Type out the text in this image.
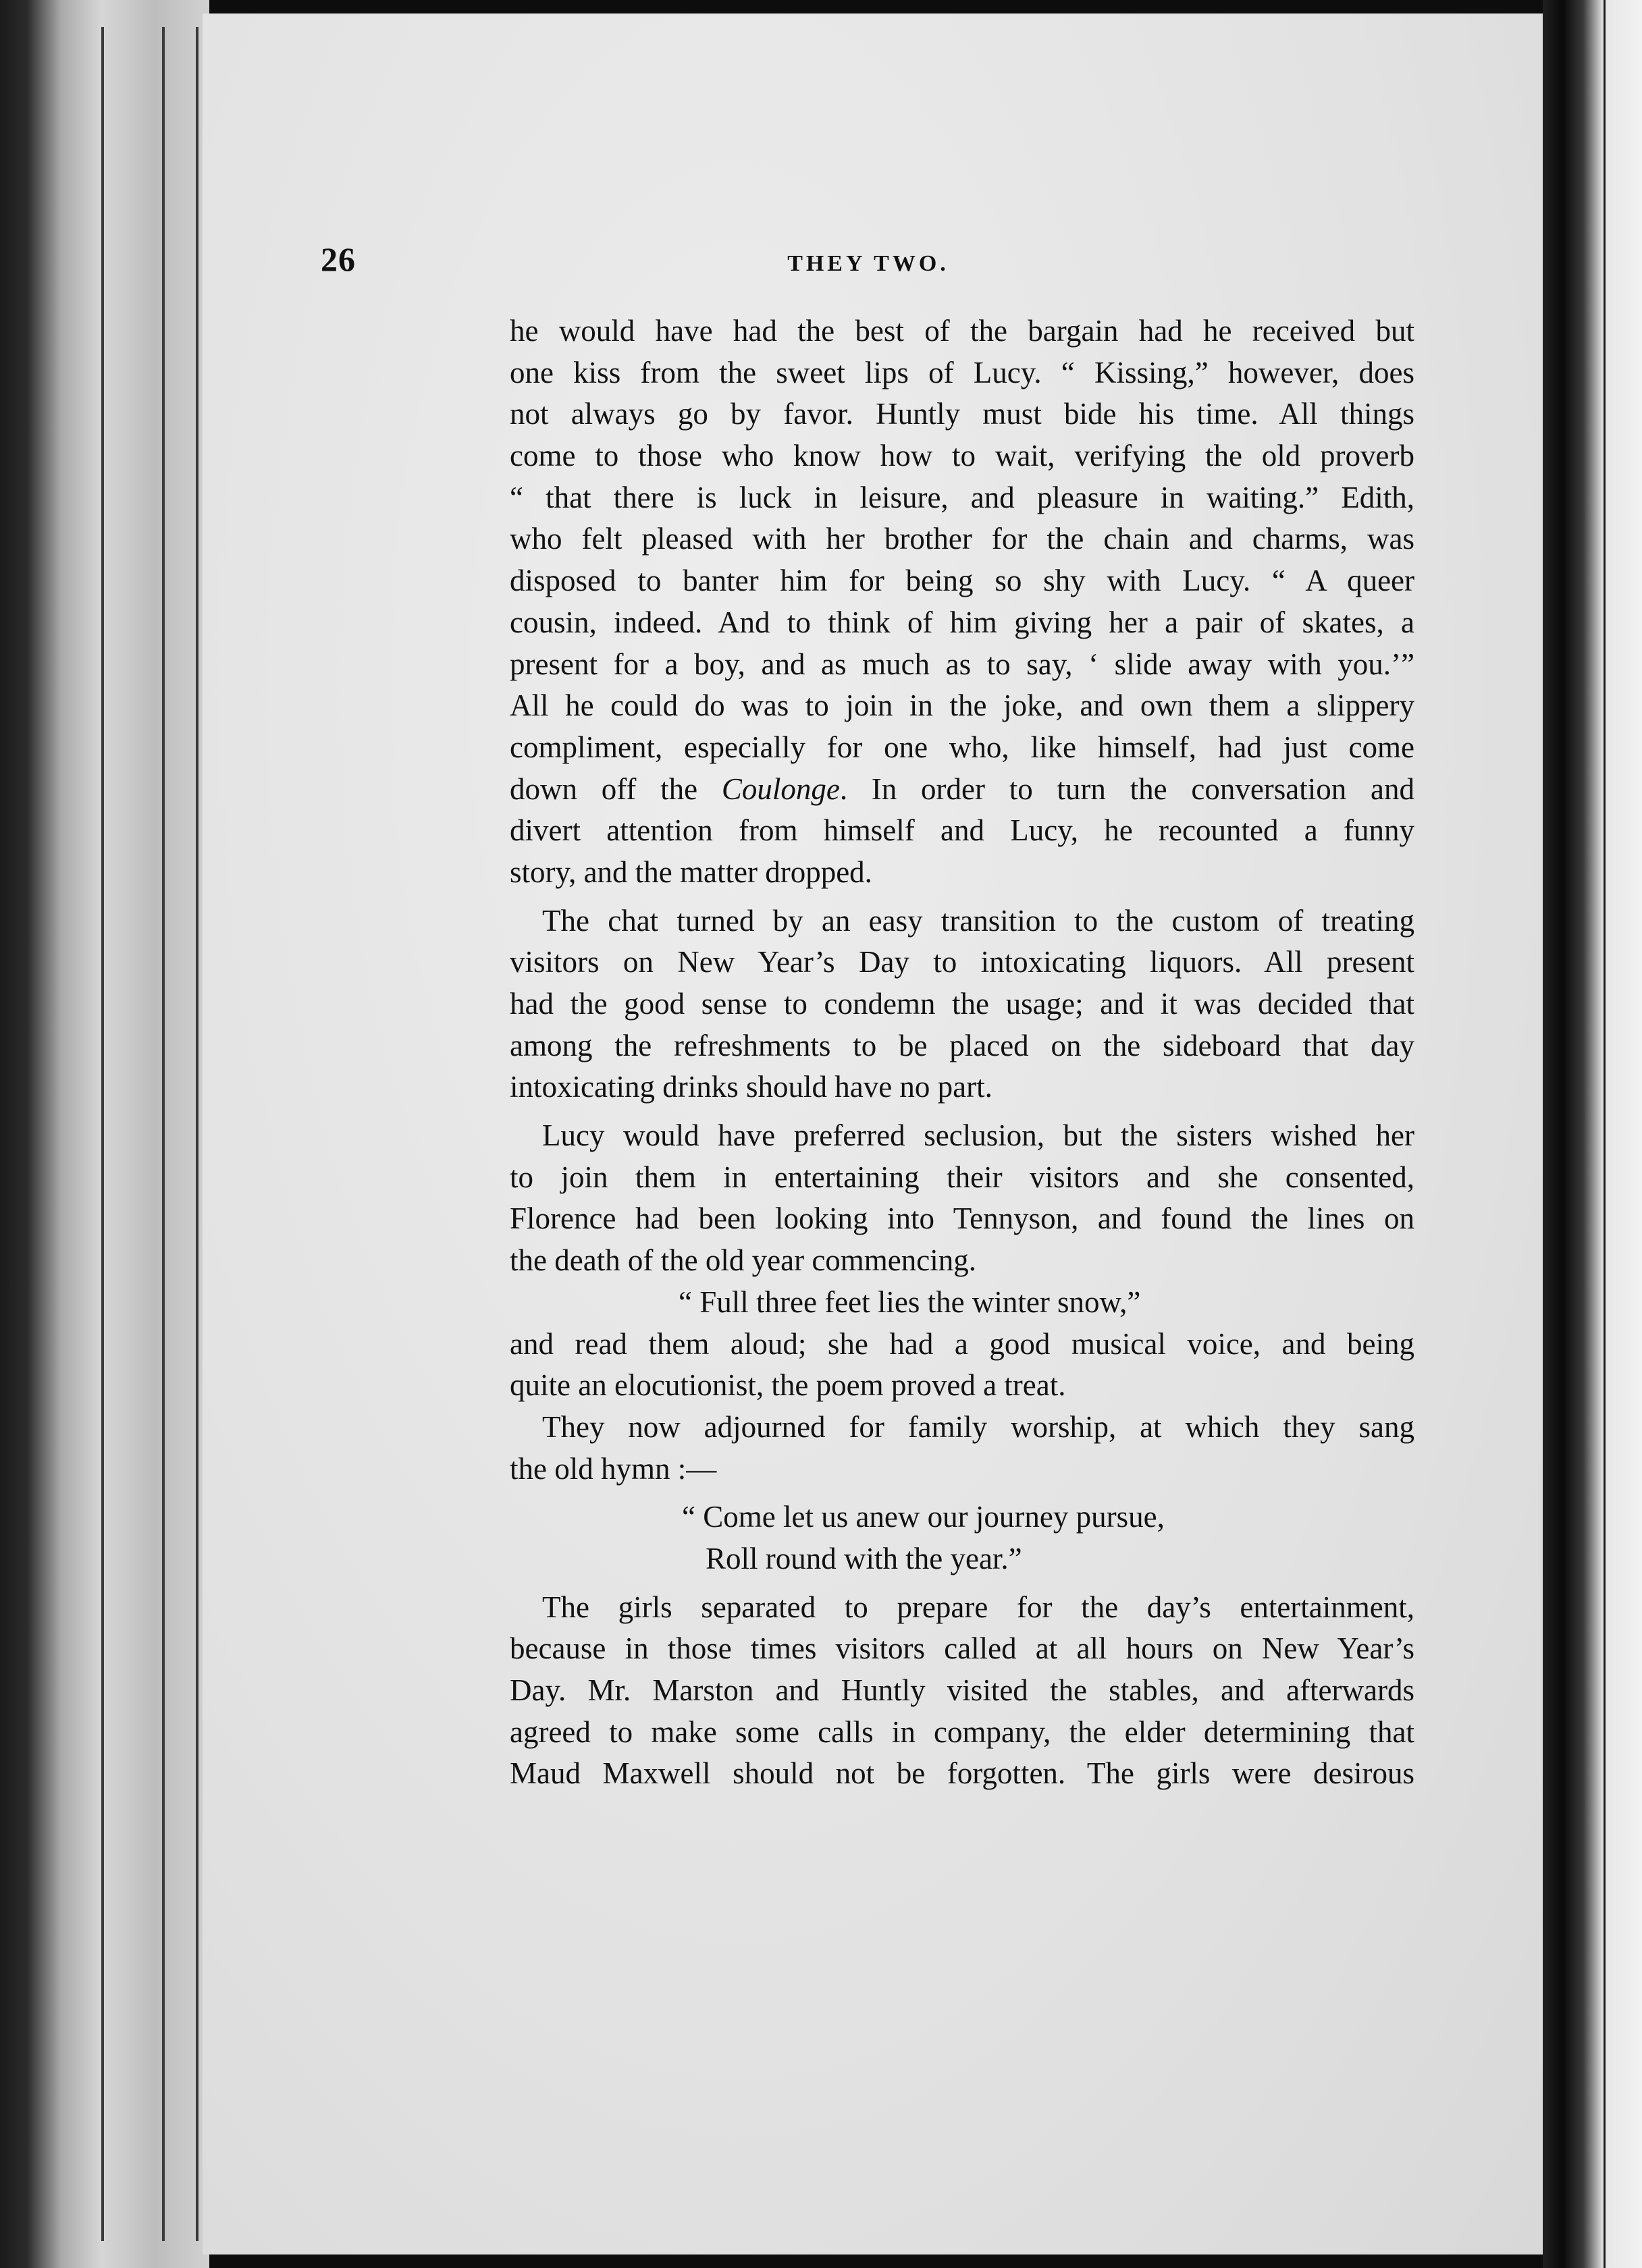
26	THEY TWO.
he would have had the best of the bargain had he received but
one kiss from the sweet lips of Lucy. “ Kissing,” however, does
not always go by favor. Huntly must bide his time. All things
come to those who know how to wait, verifying the old proverb
“ that there is luck in leisure, and pleasure in waiting.” Edith,
who felt pleased with her brother for the chain and charms, was
disposed to banter him for being so shy with Lucy. “ A queer
cousin, indeed. And to think of him giving her a pair of skates, a
present for a boy, and as much as to say, ‘ slide away with you.’”
All he could do was to join in the joke, and own them a slippery
compliment, especially for one who, like himself, had just come
down off the Coulonge. In order to turn the conversation and
divert attention from himself and Lucy, he recounted a funny
story, and the matter dropped.
The chat turned by an easy transition to the custom of treating
visitors on New Year’s Day to intoxicating liquors. All present
had the good sense to condemn the usage; and it was decided that
among the refreshments to be placed on the sideboard that day
intoxicating drinks should have no part.
Lucy would have preferred seclusion, but the sisters wished her
to join them in entertaining their visitors and she consented,
Florence had been looking into Tennyson, and found the lines on
the death of the old year commencing.
“ Full three feet lies the winter snow,”
and read them aloud; she had a good musical voice, and being
quite an elocutionist, the poem proved a treat.
They now adjourned for family worship, at which they sang
the old hymn :—
“ Come let us anew our journey pursue,
Roll round with the year.”
The girls separated to prepare for the day’s entertainment,
because in those times visitors called at all hours on New Year’s
Day. Mr. Marston and Huntly visited the stables, and afterwards
agreed to make some calls in company, the elder determining that
Maud Maxwell should not be forgotten. The girls were desirous
